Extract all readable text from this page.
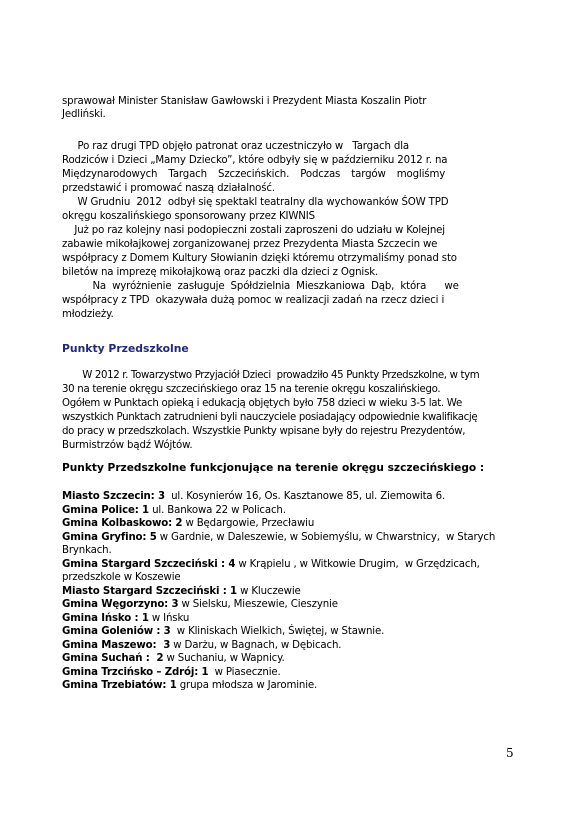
sprawował Minister Stanisław Gawłowski i Prezydent Miasta Koszalin Piotr
Jedliński.
Po raz drugi TPD objęło patronat oraz uczestniczyło w   Targach dla
Rodziców i Dzieci „Mamy Dziecko”, które odbyły się w październiku 2012 r. na
Międzynarodowych Targach Szczecińskich. Podczas targów mogliśmy
przedstawić i promować naszą działalność.
W Grudniu  2012  odbył się spektakl teatralny dla wychowanków ŚOW TPD
okręgu koszalińskiego sponsorowany przez KIWNIS
Już po raz kolejny nasi podopieczni zostali zaproszeni do udziału w Kolejnej
zabawie mikołajkowej zorganizowanej przez Prezydenta Miasta Szczecin we
współpracy z Domem Kultury Słowianin dzięki któremu otrzymaliśmy ponad sto
biletów na imprezę mikołajkową oraz paczki dla dzieci z Ognisk.
Na wyróżnienie zasługuje Spółdzielnia Mieszkaniowa Dąb, która   we
współpracy z TPD  okazywała dużą pomoc w realizacji zadań na rzecz dzieci i
młodzieży.
Punkty Przedszkolne
W 2012 r. Towarzystwo Przyjaciół Dzieci  prowadziło 45 Punkty Przedszkolne, w tym
30 na terenie okręgu szczecińskiego oraz 15 na terenie okręgu koszalińskiego.
Ogółem w Punktach opieką i edukacją objętych było 758 dzieci w wieku 3-5 lat. We
wszystkich Punktach zatrudnieni byli nauczyciele posiadający odpowiednie kwalifikację
do pracy w przedszkolach. Wszystkie Punkty wpisane były do rejestru Prezydentów,
Burmistrzów bądź Wójtów.
Punkty Przedszkolne funkcjonujące na terenie okręgu szczecińskiego :
Miasto Szczecin: 3  ul. Kosynierów 16, Os. Kasztanowe 85, ul. Ziemowita 6.
Gmina Police: 1 ul. Bankowa 22 w Policach.
Gmina Kolbaskowo: 2 w Będargowie, Przecławiu
Gmina Gryfino: 5 w Gardnie, w Daleszewie, w Sobiemyślu, w Chwarstnicy,  w Starych
Brynkach.
Gmina Stargard Szczeciński : 4 w Krąpielu , w Witkowie Drugim,  w Grzędzicach,
przedszkole w Koszewie
Miasto Stargard Szczeciński : 1 w Kluczewie
Gmina Węgorzyno: 3 w Sielsku, Mieszewie, Cieszynie
Gmina Ińsko : 1 w Ińsku
Gmina Goleniów : 3  w Kliniskach Wielkich, Świętej, w Stawnie.
Gmina Maszewo:  3 w Darżu, w Bagnach, w Dębicach.
Gmina Suchań :  2 w Suchaniu, w Wapnicy.
Gmina Trzcińsko – Zdrój: 1  w Piasecznie.
Gmina Trzebiatów: 1 grupa młodsza w Jarominie.
5
